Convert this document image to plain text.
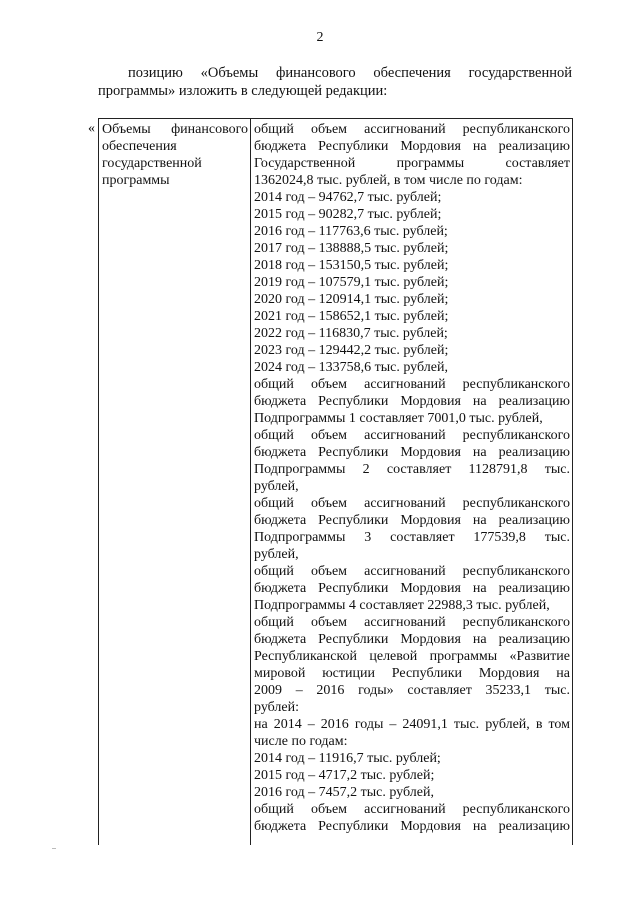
2
позицию «Объемы финансового обеспечения государственной
программы» изложить в следующей редакции:
« Объемы финансового
обеспечения
государственной
программы
общий объем ассигнований республиканского
бюджета Республики Мордовия на реализацию
Государственной программы составляет
1362024,8 тыс. рублей, в том числе по годам:
2014 год – 94762,7 тыс. рублей;
2015 год – 90282,7 тыс. рублей;
2016 год – 117763,6 тыс. рублей;
2017 год – 138888,5 тыс. рублей;
2018 год – 153150,5 тыс. рублей;
2019 год – 107579,1 тыс. рублей;
2020 год – 120914,1 тыс. рублей;
2021 год – 158652,1 тыс. рублей;
2022 год – 116830,7 тыс. рублей;
2023 год – 129442,2 тыс. рублей;
2024 год – 133758,6 тыс. рублей,
общий объем ассигнований республиканского
бюджета Республики Мордовия на реализацию
Подпрограммы 1 составляет 7001,0 тыс. рублей,
общий объем ассигнований республиканского
бюджета Республики Мордовия на реализацию
Подпрограммы 2 составляет 1128791,8 тыс.
рублей,
общий объем ассигнований республиканского
бюджета Республики Мордовия на реализацию
Подпрограммы 3 составляет 177539,8 тыс.
рублей,
общий объем ассигнований республиканского
бюджета Республики Мордовия на реализацию
Подпрограммы 4 составляет 22988,3 тыс. рублей,
общий объем ассигнований республиканского
бюджета Республики Мордовия на реализацию
Республиканской целевой программы «Развитие
мировой юстиции Республики Мордовия на
2009 – 2016 годы» составляет 35233,1 тыс.
рублей:
на 2014 – 2016 годы – 24091,1 тыс. рублей, в том
числе по годам:
2014 год – 11916,7 тыс. рублей;
2015 год – 4717,2 тыс. рублей;
2016 год – 7457,2 тыс. рублей,
общий объем ассигнований республиканского
бюджета Республики Мордовия на реализацию
